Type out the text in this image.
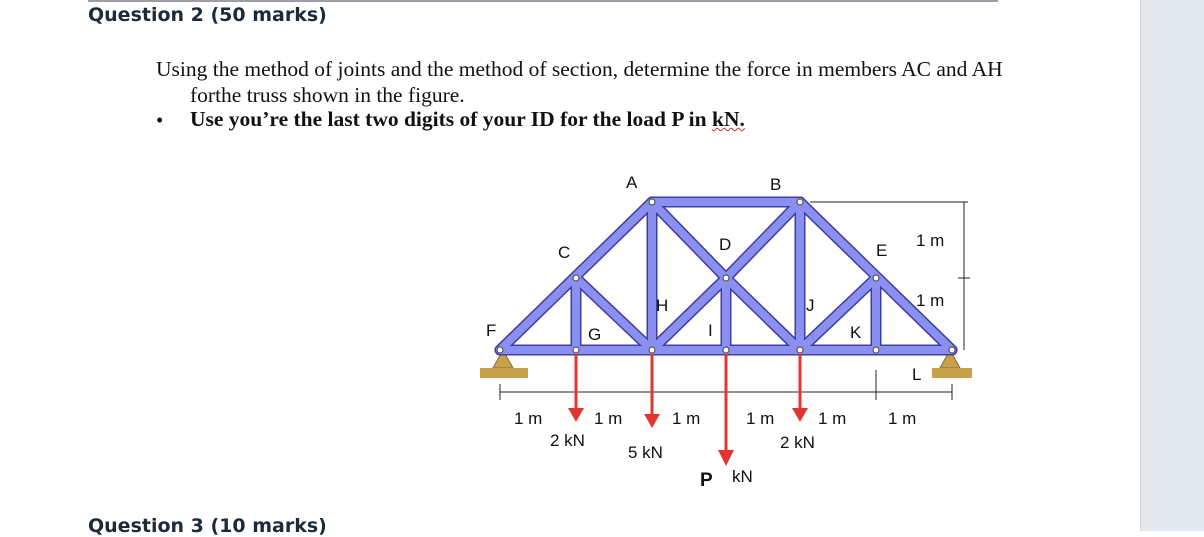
Question 2 (50 marks)
Using the method of joints and the method of section, determine the force in members AC and AH
forthe truss shown in the figure.
• Use you’re the last two digits of your ID for the load P in kN.
A	B
C	D	E
F	G
H
I
J
K
L
1 m
1 m
1 m	1 m	1 m	1 m	1 m 1 m
2 kN
5 kN
P kN
2 kN
Question 3 (10 marks)
